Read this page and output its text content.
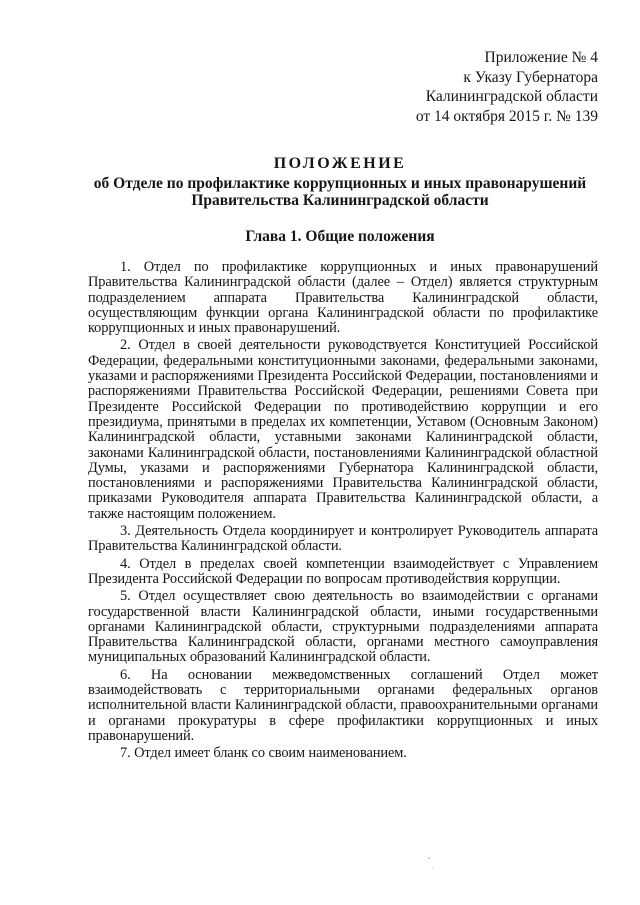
Приложение № 4
к Указу Губернатора
Калининградской области
от 14 октября 2015 г. № 139
ПОЛОЖЕНИЕ
об Отделе по профилактике коррупционных и иных правонарушений Правительства Калининградской области
Глава 1. Общие положения

1. Отдел по профилактике коррупционных и иных правонарушений Правительства Калининградской области (далее – Отдел) является структурным подразделением аппарата Правительства Калининградской области, осуществляющим функции органа Калининградской области по профилактике коррупционных и иных правонарушений.

2. Отдел в своей деятельности руководствуется Конституцией Российской Федерации, федеральными конституционными законами, федеральными законами, указами и распоряжениями Президента Российской Федерации, постановлениями и распоряжениями Правительства Российской Федерации, решениями Совета при Президенте Российской Федерации по противодействию коррупции и его президиума, принятыми в пределах их компетенции, Уставом (Основным Законом) Калининградской области, уставными законами Калининградской области, законами Калининградской области, постановлениями Калининградской областной Думы, указами и распоряжениями Губернатора Калининградской области, постановлениями и распоряжениями Правительства Калининградской области, приказами Руководителя аппарата Правительства Калининградской области, а также настоящим положением.

3. Деятельность Отдела координирует и контролирует Руководитель аппарата Правительства Калининградской области.

4. Отдел в пределах своей компетенции взаимодействует с Управлением Президента Российской Федерации по вопросам противодействия коррупции.

5. Отдел осуществляет свою деятельность во взаимодействии с органами государственной власти Калининградской области, иными государственными органами Калининградской области, структурными подразделениями аппарата Правительства Калининградской области, органами местного самоуправления муниципальных образований Калининградской области.

6. На основании межведомственных соглашений Отдел может взаимодействовать с территориальными органами федеральных органов исполнительной власти Калининградской области, правоохранительными органами и органами прокуратуры в сфере профилактики коррупционных и иных правонарушений.

7. Отдел имеет бланк со своим наименованием.
